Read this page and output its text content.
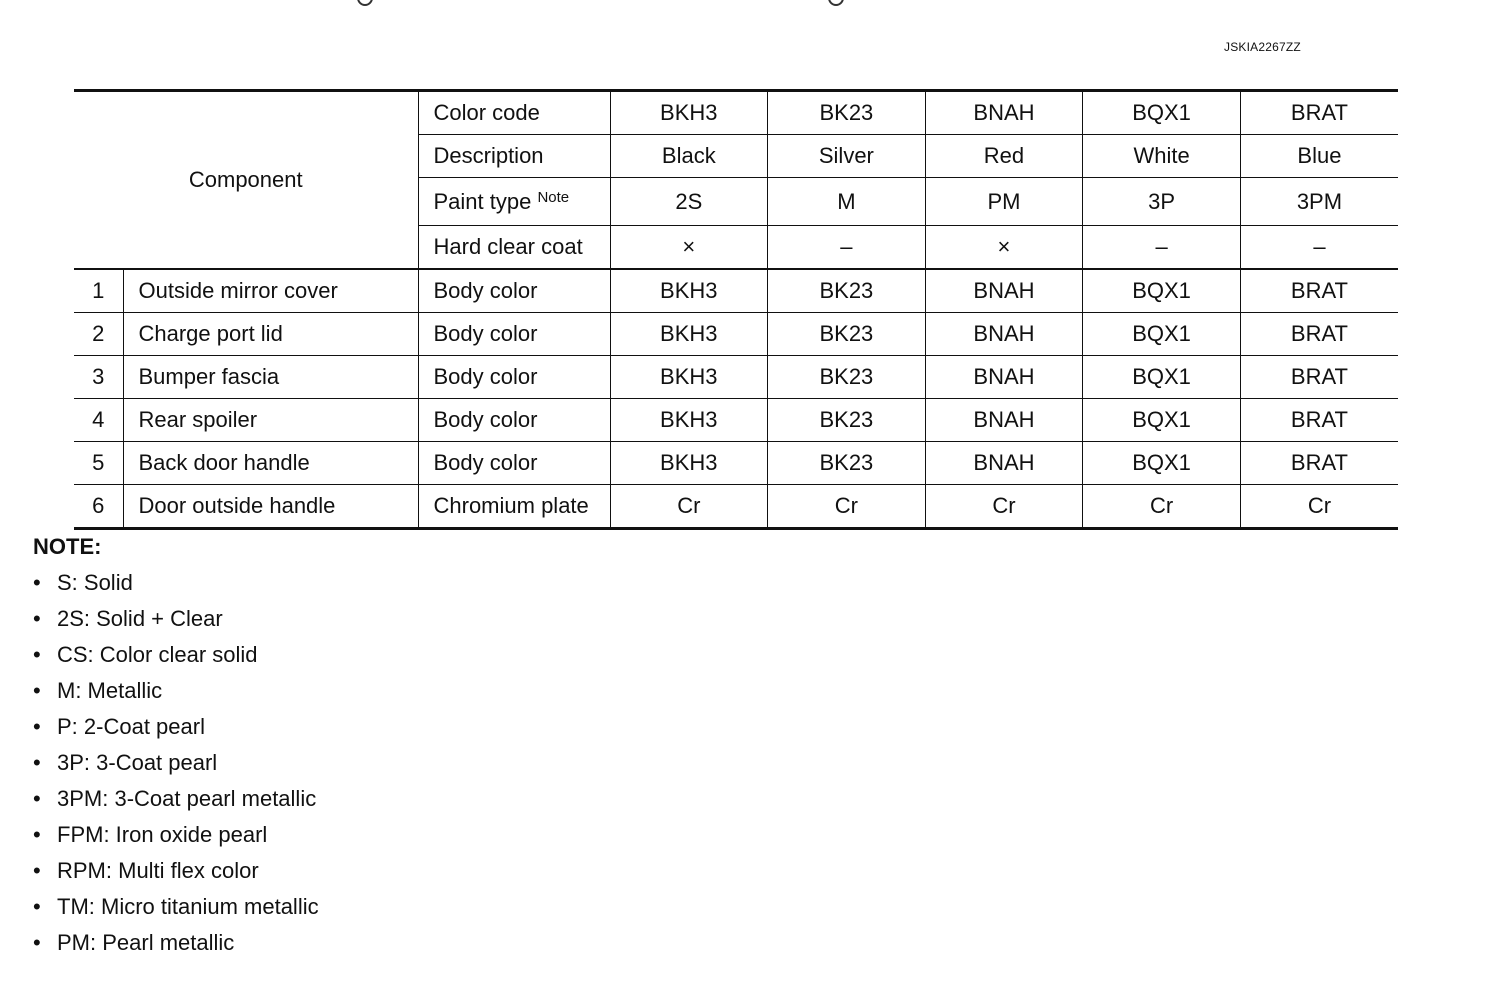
JSKIA2267ZZ
Component		Color code	BKH3	BK23	BNAH	BQX1	BRAT
		Description	Black	Silver	Red	White	Blue
		Paint type $^{Note}$	2S	M	PM	3P	3PM
		Hard clear coat	×	–	×	–	–
1	Outside mirror cover	Body color	BKH3	BK23	BNAH	BQX1	BRAT
2	Charge port lid	Body color	BKH3	BK23	BNAH	BQX1	BRAT
3	Bumper fascia	Body color	BKH3	BK23	BNAH	BQX1	BRAT
4	Rear spoiler	Body color	BKH3	BK23	BNAH	BQX1	BRAT
5	Back door handle	Body color	BKH3	BK23	BNAH	BQX1	BRAT
6	Door outside handle	Chromium plate	Cr	Cr	Cr	Cr	Cr
NOTE:
• S: Solid
• 2S: Solid + Clear
• CS: Color clear solid
• M: Metallic
• P: 2-Coat pearl
• 3P: 3-Coat pearl
• 3PM: 3-Coat pearl metallic
• FPM: Iron oxide pearl
• RPM: Multi flex color
• TM: Micro titanium metallic
• PM: Pearl metallic
